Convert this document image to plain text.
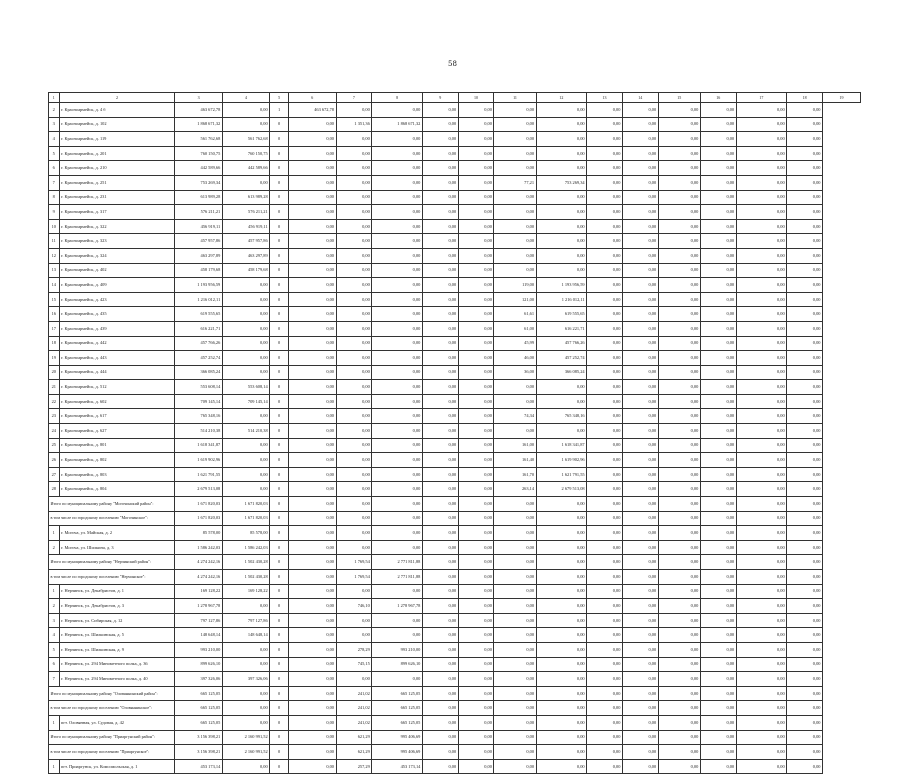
58
1	2	3	4	5	6	7	8	9	10	11	12	13	14	15	16	17	18	19
2	г. Красноармейск, д. 4 б	463 672,78	0,00	1	463 672,78	0,00	0,00	0,00	0,00	0,00	0,00	0,00	0,00	0,00	0,00	0,00	0,00	
3	г. Красноармейск, д. 102	1 868 671,32	0,00	0	0,00	1 351,36	1 868 671,32	0,00	0,00	0,00	0,00	0,00	0,00	0,00	0,00	0,00	0,00	
4	г. Красноармейск, д. 119	561 762,68	561 762,68	0	0,00	0,00	0,00	0,00	0,00	0,00	0,00	0,00	0,00	0,00	0,00	0,00	0,00	
5	г. Красноармейск, д. 201	760 150,75	760 150,75	0	0,00	0,00	0,00	0,00	0,00	0,00	0,00	0,00	0,00	0,00	0,00	0,00	0,00	
6	г. Красноармейск, д. 210	442 589,66	442 589,66	0	0,00	0,00	0,00	0,00	0,00	0,00	0,00	0,00	0,00	0,00	0,00	0,00	0,00	
7	г. Красноармейск, д. 251	753 269,34	0,00	0	0,00	0,00	0,00	0,00	0,00	77,21	753 269,34	0,00	0,00	0,00	0,00	0,00	0,00	
8	г. Красноармейск, д. 231	613 989,28	613 989,28	0	0,00	0,00	0,00	0,00	0,00	0,00	0,00	0,00	0,00	0,00	0,00	0,00	0,00	
9	г. Красноармейск, д. 317	576 211,21	576 211,21	0	0,00	0,00	0,00	0,00	0,00	0,00	0,00	0,00	0,00	0,00	0,00	0,00	0,00	
10	г. Красноармейск, д. 322	456 919,11	456 919,11	0	0,00	0,00	0,00	0,00	0,00	0,00	0,00	0,00	0,00	0,00	0,00	0,00	0,00	
11	г. Красноармейск, д. 323	457 957,86	457 957,86	0	0,00	0,00	0,00	0,00	0,00	0,00	0,00	0,00	0,00	0,00	0,00	0,00	0,00	
12	г. Красноармейск, д. 324	463 297,89	463 297,89	0	0,00	0,00	0,00	0,00	0,00	0,00	0,00	0,00	0,00	0,00	0,00	0,00	0,00	
13	г. Красноармейск, д. 402	458 179,68	458 179,68	0	0,00	0,00	0,00	0,00	0,00	0,00	0,00	0,00	0,00	0,00	0,00	0,00	0,00	
14	г. Красноармейск, д. 409	1 193 956,59	0,00	0	0,00	0,00	0,00	0,00	0,00	119,00	1 193 956,59	0,00	0,00	0,00	0,00	0,00	0,00	
15	г. Красноармейск, д. 423	1 216 012,11	0,00	0	0,00	0,00	0,00	0,00	0,00	121,00	1 216 012,11	0,00	0,00	0,00	0,00	0,00	0,00	
16	г. Красноармейск, д. 435	619 555,65	0,00	0	0,00	0,00	0,00	0,00	0,00	61,61	619 555,65	0,00	0,00	0,00	0,00	0,00	0,00	
17	г. Красноармейск, д. 439	616 221,71	0,00	0	0,00	0,00	0,00	0,00	0,00	61,00	616 221,71	0,00	0,00	0,00	0,00	0,00	0,00	
18	г. Красноармейск, д. 442	457 766,26	0,00	0	0,00	0,00	0,00	0,00	0,00	45,99	457 766,26	0,00	0,00	0,00	0,00	0,00	0,00	
19	г. Красноармейск, д. 443	457 252,74	0,00	0	0,00	0,00	0,00	0,00	0,00	46,00	457 252,74	0,00	0,00	0,00	0,00	0,00	0,00	
20	г. Красноармейск, д. 444	366 085,24	0,00	0	0,00	0,00	0,00	0,00	0,00	36,00	366 085,24	0,00	0,00	0,00	0,00	0,00	0,00	
21	г. Красноармейск, д. 512	553 608,14	553 608,14	0	0,00	0,00	0,00	0,00	0,00	0,00	0,00	0,00	0,00	0,00	0,00	0,00	0,00	
22	г. Красноармейск, д. 602	709 145,14	709 145,14	0	0,00	0,00	0,00	0,00	0,00	0,00	0,00	0,00	0,00	0,00	0,00	0,00	0,00	
23	г. Красноармейск, д. 617	765 348,16	0,00	0	0,00	0,00	0,00	0,00	0,00	74,34	765 348,16	0,00	0,00	0,00	0,00	0,00	0,00	
24	г. Красноармейск, д. 627	514 210,38	514 210,38	0	0,00	0,00	0,00	0,00	0,00	0,00	0,00	0,00	0,00	0,00	0,00	0,00	0,00	
25	г. Красноармейск, д. 801	1 618 341,87	0,00	0	0,00	0,00	0,00	0,00	0,00	161,00	1 618 341,87	0,00	0,00	0,00	0,00	0,00	0,00	
26	г. Красноармейск, д. 802	1 619 902,96	0,00	0	0,00	0,00	0,00	0,00	0,00	161,40	1 619 902,96	0,00	0,00	0,00	0,00	0,00	0,00	
27	г. Красноармейск, д. 803	1 621 791,55	0,00	0	0,00	0,00	0,00	0,00	0,00	161,70	1 621 791,55	0,00	0,00	0,00	0,00	0,00	0,00	
28	г. Красноармейск, д. 804	2 679 513,08	0,00	0	0,00	0,00	0,00	0,00	0,00	263,14	2 679 513,08	0,00	0,00	0,00	0,00	0,00	0,00	
Итого по муниципальному району "Могочинский район":		1 671 820,03	1 671 820,03	0	0,00	0,00	0,00	0,00	0,00	0,00	0,00	0,00	0,00	0,00	0,00	0,00	0,00	
в том числе по городскому поселению "Могочинское":		1 671 820,03	1 671 820,03	0	0,00	0,00	0,00	0,00	0,00	0,00	0,00	0,00	0,00	0,00	0,00	0,00	0,00	
1	г. Могоча, ул. Майская, д. 2	85 578,00	85 578,00	0	0,00	0,00	0,00	0,00	0,00	0,00	0,00	0,00	0,00	0,00	0,00	0,00	0,00	
2	г. Могоча, ул. Шилкина, д. 3	1 586 242,03	1 586 242,03	0	0,00	0,00	0,00	0,00	0,00	0,00	0,00	0,00	0,00	0,00	0,00	0,00	0,00	
Итого по муниципальному району "Нерчинский район":		4 274 242,16	1 502 430,28	0	0,00	1 769,54	2 771 811,88	0,00	0,00	0,00	0,00	0,00	0,00	0,00	0,00	0,00	0,00	
в том числе по городскому поселению "Нерчинское":		4 274 242,16	1 502 430,28	0	0,00	1 769,54	2 771 811,88	0,00	0,00	0,00	0,00	0,00	0,00	0,00	0,00	0,00	0,00	
1	г. Нерчинск, ул. Декабристов, д. 1	169 128,22	169 128,22	0	0,00	0,00	0,00	0,00	0,00	0,00	0,00	0,00	0,00	0,00	0,00	0,00	0,00	
2	г. Нерчинск, ул. Декабристов, д. 3	1 278 967,78	0,00	0	0,00	746,10	1 278 967,78	0,00	0,00	0,00	0,00	0,00	0,00	0,00	0,00	0,00	0,00	
3	г. Нерчинск, ул. Сибирская, д. 12	797 127,86	797 127,86	0	0,00	0,00	0,00	0,00	0,00	0,00	0,00	0,00	0,00	0,00	0,00	0,00	0,00	
4	г. Нерчинск, ул. Шилкинская, д. 5	148 648,14	148 648,14	0	0,00	0,00	0,00	0,00	0,00	0,00	0,00	0,00	0,00	0,00	0,00	0,00	0,00	
5	г. Нерчинск, ул. Шилкинская, д. 9	993 210,00	0,00	0	0,00	278,29	993 210,00	0,00	0,00	0,00	0,00	0,00	0,00	0,00	0,00	0,00	0,00	
6	г. Нерчинск, ул. 294 Минометного полка, д. 36	899 626,10	0,00	0	0,00	745,15	899 626,10	0,00	0,00	0,00	0,00	0,00	0,00	0,00	0,00	0,00	0,00	
7	г. Нерчинск, ул. 294 Минометного полка, д. 40	397 326,06	397 326,06	0	0,00	0,00	0,00	0,00	0,00	0,00	0,00	0,00	0,00	0,00	0,00	0,00	0,00	
Итого по муниципальному району "Оловяннинский район":		665 125,05	0,00	0	0,00	241,02	665 125,05	0,00	0,00	0,00	0,00	0,00	0,00	0,00	0,00	0,00	0,00	
в том числе по городскому поселению "Оловяннинское":		665 125,05	0,00	0	0,00	241,02	665 125,05	0,00	0,00	0,00	0,00	0,00	0,00	0,00	0,00	0,00	0,00	
1	пгт. Оловянная, ул. Судовая, д. 42	665 125,05	0,00	0	0,00	241,02	665 125,05	0,00	0,00	0,00	0,00	0,00	0,00	0,00	0,00	0,00	0,00	
Итого по муниципальному району "Приаргунский район":		3 156 398,21	2 160 991,52	0	0,00	621,29	995 406,69	0,00	0,00	0,00	0,00	0,00	0,00	0,00	0,00	0,00	0,00	
в том числе по городскому поселению "Приаргунское":		3 156 398,21	2 160 991,52	0	0,00	621,29	995 406,69	0,00	0,00	0,00	0,00	0,00	0,00	0,00	0,00	0,00	0,00	
1	пгт. Приаргунск, ул. Комсомольская, д. 1	453 173,14	0,00	0	0,00	257,29	453 173,14	0,00	0,00	0,00	0,00	0,00	0,00	0,00	0,00	0,00	0,00	
